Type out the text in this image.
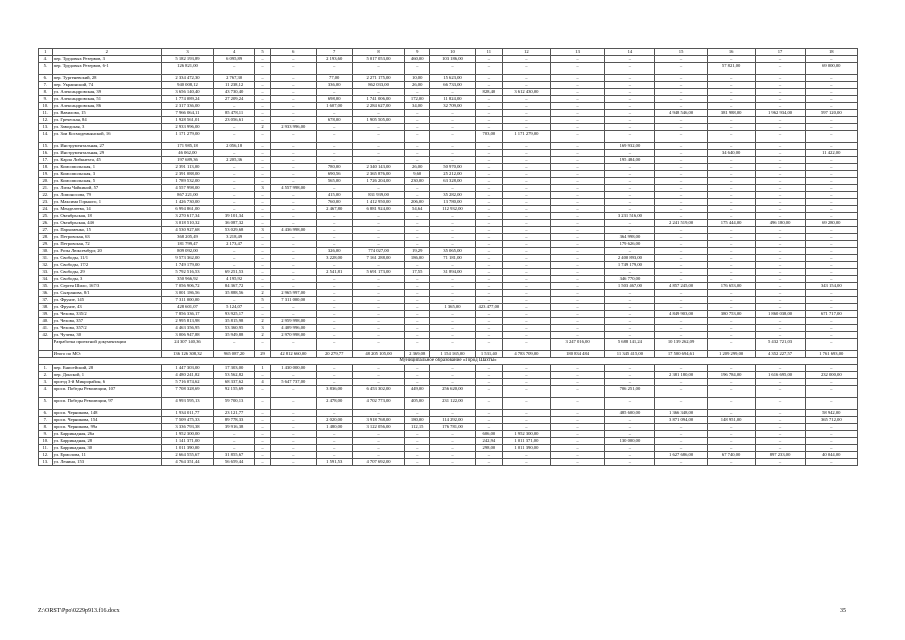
1	2	3	4	5	6	7	8	9	10	11	12	13	14	15	16	17	18
4.	пер. Трудовых Резервов, 3	5 182 193,89	6 095,89	–	–	2 193,60	5 017 053,00	460,00	103 186,00	–	–	–	–	–	–	–	–
5.	пер. Трудовых Резервов, 6-1	126 821,00	–	–	–	–	–	–	–	–	–	–	–	–	57 821,00	–	69 000,00
6.	пер. Тургеневский, 28	2 334 472,30	2 767,30	–	–	77,00	2 271 175,00	10,00	15 623,00	–	–	–	–	–	–	–	–
7.	пер. Украинский, 74	940 008,12	11 238,12	–	–	336,00	862 033,00	26,00	66 733,00	–	–	–	–	–	–	–	–
8.	ул. Александровская, 39	3 656 140,40	43 730,40	–	–	–	–	–	–	828,40	3 612 430,00	–	–	–	–	–	–
9.	ул. Александровская, 51	1 774 089,24	27 209,24	–	–	698,00	1 741 006,00	172,00	11 824,00	–	–	–	–	–	–	–	–
10.	ул. Александровская, 86	2 317 336,00	–	–	–	1 607,00	2 284 627,00	34,00	32 709,00	–	–	–	–	–	–	–	–
11.	ул. Вавилова, 15	7 966 064,11	85 478,11	–	–	–	–	–	–	–	–	–	–	4 948 546,00	381 988,00	1 962 934,00	597 120,00
12.	ул. Греческая, 84	1 928 561,01	23 056,61	–	–	678,00	1 905 505,00	–	–	–	–	–	–	–	–	–	–
13.	ул. Заводская, 3	2 933 996,00	–	2	2 933 996,00	–	–	–	–	–	–	–	–	–	–	–	–
14.	ул. Зои Космодемьянской, 16	1 171 279,00	–	–	–	–	–	–	–	703,00	1 171 279,00	–	–	–	–	–	–
15.	ул. Инструментальная, 27	171 985,18	2 056,18	–	–	–	–	–	–	–	–	–	169 932,00	–	–	–	–
16.	ул. Инструментальная, 29	46 062,00	–	–	–	–	–	–	–	–	–	–	–	–	34 640,00	–	11 422,00
17.	ул. Карла Либкнехта, 45	197 689,36	2 205,36	–	–	–	–	–	–	–	–	–	195 484,00	–	–	–	–
18.	ул. Комсомольская, 1	2 391 113,00	–	–	–	780,00	2 340 143,00	26,00	50 970,00	–	–	–	–	–	–	–	–
19.	ул. Комсомольская, 3	2 391 088,00	–	–	–	690,56	2 365 876,00	9,60	25 212,00	–	–	–	–	–	–	–	–
20.	ул. Комсомольская, 5	1 789 532,00	–	–	–	565,00	1 726 204,00	230,00	63 328,00	–	–	–	–	–	–	–	–
21.	ул. Лизы Чайкиной, 57	4 557 998,00	–	3	4 557 998,00	–	–	–	–	–	–	–	–	–	–	–	–
22.	ул. Ломоносова, 79	867 221,00	–	–	–	415,00	831 939,00	–	35 282,00	–	–	–	–	–	–	–	–
23.	ул. Максима Горького, 1	1 426 730,00	–	–	–	760,00	1 412 950,00	206,00	13 780,00	–	–	–	–	–	–	–	–
24.	ул. Менделеева, 14	6 994 861,00	–	–	–	2 467,80	6 881 924,00	54,64	112 932,00	–	–	–	–	–	–	–	–
25.	ул. Октябрьская, 18	3 270 617,34	39 101,34	–	–	–	–	–	–	–	–	–	3 231 516,00	–	–	–	–
26.	ул. Октябрьская, 44б	3 018 510,32	36 087,32	–	–	–	–	–	–	–	–	–	–	2 241 519,00	175 444,00	496 180,00	69 280,00
27.	ул. Пархоменко, 15	4 530 927,68	53 029,68	3	4 436 998,00	–	–	–	–	–	–	–	–	–	–	–	–
28.	ул. Петровская, 63	368 205,49	3 218,49	–	–	–	–	–	–	–	–	–	364 998,00	–	–	–	–
29.	ул. Петровская, 72	181 799,47	2 173,47	–	–	–	–	–	–	–	–	–	179 626,00	–	–	–	–
30.	ул. Розы Люксембург, 20	809 092,00	–	–	–	326,00	774 027,00	19,29	35 065,00	–	–	–	–	–	–	–	–
31.	ул. Свободы, 11/1	9 573 362,00	–	–	–	3 228,00	7 161 288,00	186,00	71 181,00	–	–	–	2 400 893,00	–	–	–	–
32.	ул. Свободы, 17/2	1 749 179,00	–	–	–	–	–	–	–	–	–	–	1 749 179,00	–	–	–	–
33.	ул. Свободы, 29	5 792 516,53	69 251,53	–	–	2 541,81	5 691 173,00	17,55	31 894,00	–	–	–	–	–	–	–	–
34.	ул. Свободы, 3	350 966,92	4 195,92	–	–	–	–	–	–	–	–	–	346 770,00	–	–	–	–
35.	ул. Сергея Шило, 167/3	7 056 906,72	84 367,72	–	–	–	–	–	–	–	–	–	1 503 467,00	4 857 245,00	176 653,00	–	343 154,00
36.	ул. Сызранова, 8/1	3 001 186,56	35 888,56	2	2 965 997,00	–	–	–	–	–	–	–	–	–	–	–	–
37.	ул. Фрунзе, 145	7 311 000,00	–	5	7 311 000,00	–	–	–	–	–	–	–	–	–	–	–	–
38.	ул. Фрунзе, 43	428 601,07	5 124,07	–	–	–	–	–	1 365,00	423 477,00	–	–	–	–	–	–	–
39.	ул. Чехова, 335/2	7 856 336,17	93 925,17	–	–	–	–	–	–	–	–	–	–	4 849 903,00	380 753,00	1 860 038,00	671 717,00
40.	ул. Чехова, 357	2 995 813,98	35 815,98	2	2 959 998,00	–	–	–	–	–	–	–	–	–	–	–	–
41.	ул. Чехова, 357/2	4 463 356,95	53 360,95	3	4 409 996,00	–	–	–	–	–	–	–	–	–	–	–	–
42.	ул. Чучева, 30	3 006 947,88	35 949,88	2	2 970 998,00	–	–	–	–	–	–	–	–	–	–	–	–
	Разработка проектной документации	24 307 140,36	–	–	–	–	–	–	–	–	–	3 247 016,00	5 688 141,24	10 139 262,09	–	5 432 721,03	–
	Итого по МО:	136 126 308,32	965 087,20	29	42 812 660,00	20 279,77	48 205 105,00	2 369,08	1 154 165,00	1 531,40	4 783 709,00	180 834 484	11 345 415,00	17 500 694,61	1 209 299,00	4 352 227,57	1 761 693,00
Муниципальное образование «Город Шахты»																	
1.	пер. Енисейский, 28	1 447 303,00	17 303,00	1	1 430 000,00	–	–	–	–	–	–	–	–	–	–	–	–
2.	пер. Донской, 1	4 480 241,82	53 562,82	–	–	–	–	–	–	–	–	–	–	2 381 180,00	196 784,00	1 616 695,00	232 000,00
3.	проезд 3-й Микрорайон, 6	5 716 074,62	68 337,62	4	5 647 737,00	–	–	–	–	–	–	–	–	–	–	–	–
4.	просп. Победы Революции, 107	7 708 328,69	92 155,69	–	–	3 836,00	6 453 302,00	449,00	256 620,00	–	–	–	706 251,00	–	–	–	–
5.	просп. Победы Революции, 97	4 993 595,13	59 700,13	–	–	2 478,00	4 702 773,00	405,00	231 122,00	–	–	–	–	–	–	–	–
6.	просп. Черникова, 148	1 934 011,77	23 121,77	–	–	–	–	–	–	–	–	–	485 600,00	1 366 348,00	–	–	58 942,00
7.	просп. Черникова, 154	7 509 475,33	89 778,33	–	–	2 020,00	3 918 768,00	180,00	114 292,00	–	–	–	–	3 871 094,00	148 951,00	–	365 712,00
8.	просп. Черникова, 99а	3 336 793,38	39 916,38	–	–	1 480,00	3 122 056,00	112,15	176 781,00	–	–	–	–	–	–	–	–
9.	ул. Баррикадная, 26а	1 952 300,00	–	–	–	–	–	–	–	606,00	1 952 300,00	–	–	–	–	–	–
10.	ул. Баррикадная, 28	1 141 371,00	–	–	–	–	–	–	–	242,94	1 011 371,00	–	130 000,00	–	–	–	–
11.	ул. Баррикадная, 30	1 011 390,00	–	–	–	–	–	–	–	298,00	1 011 390,00	–	–	–	–	–	–
12.	ул. Ермолова, 11	2 664 555,67	31 855,67	–	–	–	–	–	–	–	–	–	–	1 627 686,00	67 740,00	897 233,00	40 044,00
13.	ул. Ленина, 153	4 764 351,44	56 659,44	–	–	1 591,53	4 707 692,00	–	–	–	–	–	–	–	–	–	–
Z:\ORST\Ppo\0229p913.f16.docx	35
